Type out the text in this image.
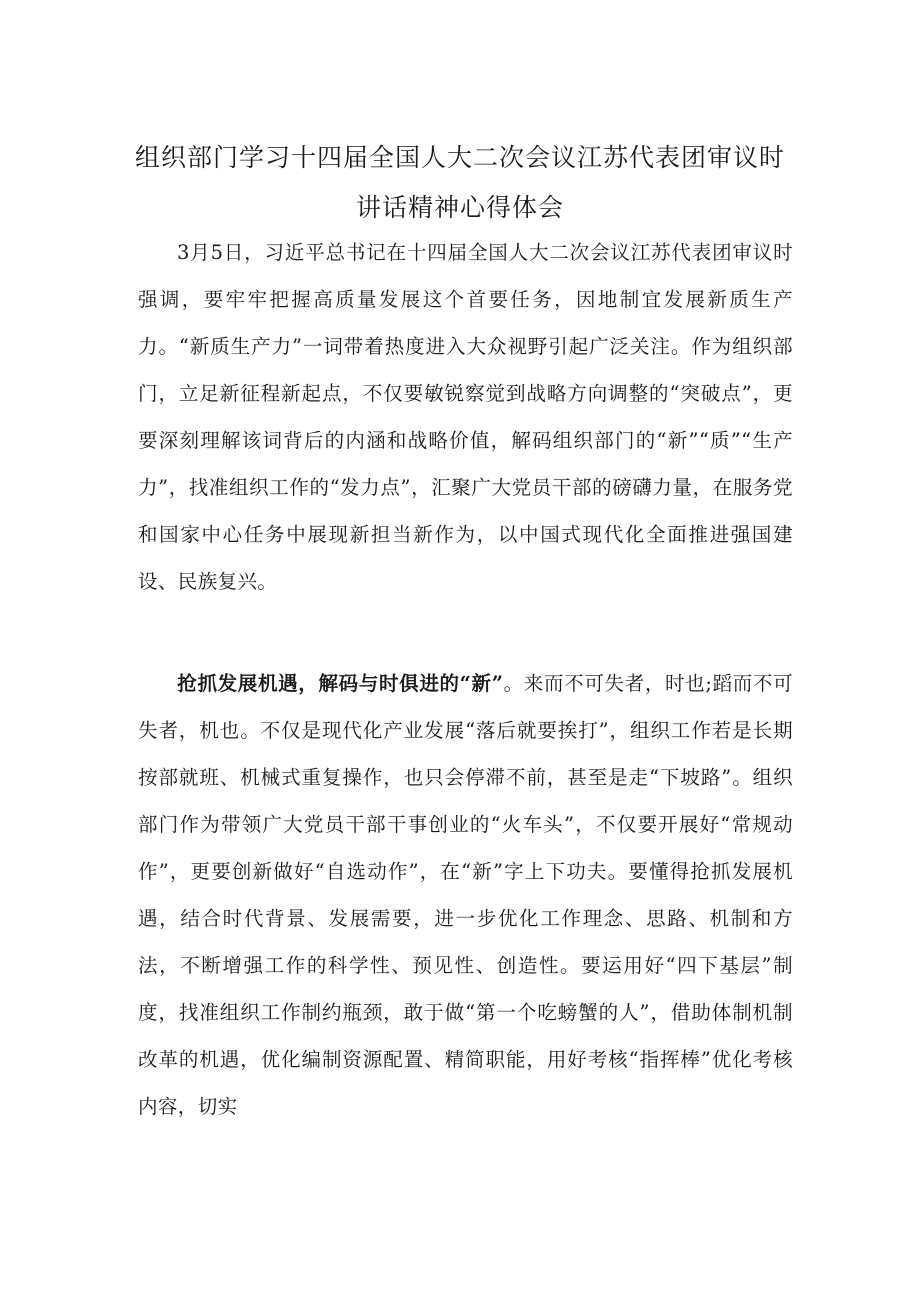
组织部门学习十四届全国人大二次会议江苏代表团审议时
讲话精神心得体会

3月5日，习近平总书记在十四届全国人大二次会议江苏代表团审议时强调，要牢牢把握高质量发展这个首要任务，因地制宜发展新质生产力。“新质生产力”一词带着热度进入大众视野引起广泛关注。作为组织部门，立足新征程新起点，不仅要敏锐察觉到战略方向调整的“突破点”，更要深刻理解该词背后的内涵和战略价值，解码组织部门的“新”“质”“生产力”，找准组织工作的“发力点”，汇聚广大党员干部的磅礴力量，在服务党和国家中心任务中展现新担当新作为，以中国式现代化全面推进强国建设、民族复兴。

抢抓发展机遇，解码与时俱进的“新”。来而不可失者，时也;蹈而不可失者，机也。不仅是现代化产业发展“落后就要挨打”，组织工作若是长期按部就班、机械式重复操作，也只会停滞不前，甚至是走“下坡路”。组织部门作为带领广大党员干部干事创业的“火车头”，不仅要开展好“常规动作”，更要创新做好“自选动作”，在“新”字上下功夫。要懂得抢抓发展机遇，结合时代背景、发展需要，进一步优化工作理念、思路、机制和方法，不断增强工作的科学性、预见性、创造性。要运用好“四下基层”制度，找准组织工作制约瓶颈，敢于做“第一个吃螃蟹的人”，借助体制机制改革的机遇，优化编制资源配置、精简职能，用好考核“指挥棒”优化考核内容，切实
